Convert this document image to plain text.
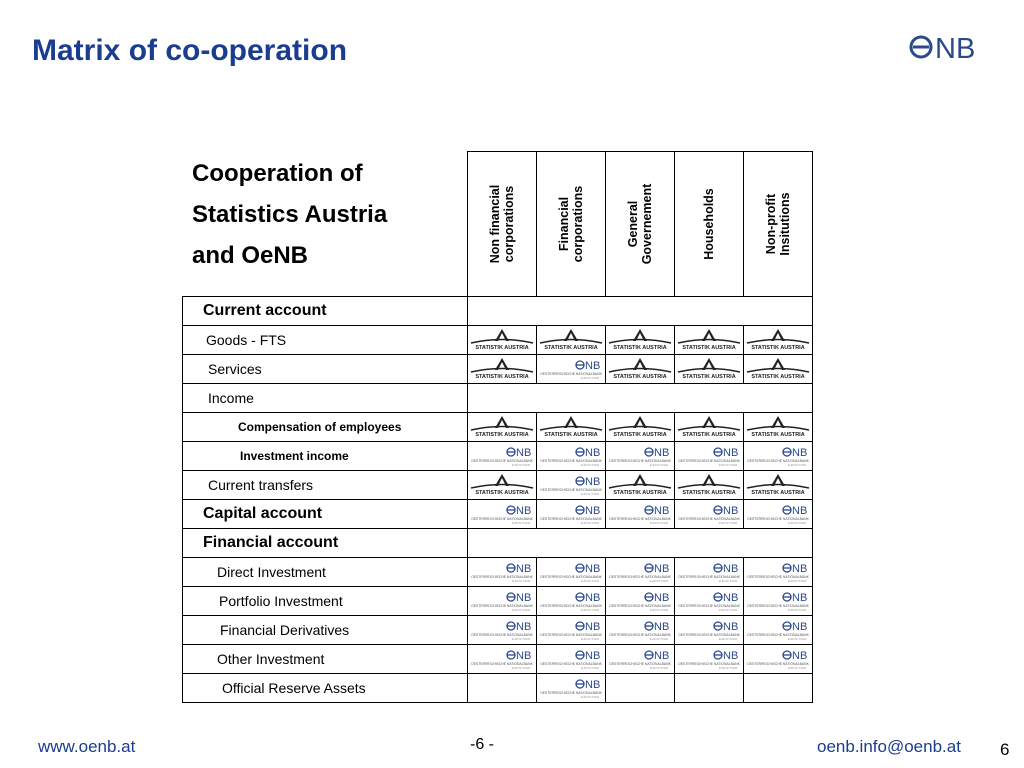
Matrix of co-operation	NB
Cooperation of
Statistics Austria
and OeNB

	Non financial
corporations	Financial
corporations	General
Governement	Households	Non-profit
Insitutions

Current account					

Goods - FTS	STATISTIK AUSTRIA	STATISTIK AUSTRIA	STATISTIK AUSTRIA	STATISTIK AUSTRIA	STATISTIK AUSTRIA

Services	STATISTIK AUSTRIA	NB
OESTERREICHISCHE NATIONALBANK
EUROSYSTEM	STATISTIK AUSTRIA	STATISTIK AUSTRIA	STATISTIK AUSTRIA

Income					

Compensation of employees	STATISTIK AUSTRIA	STATISTIK AUSTRIA	STATISTIK AUSTRIA	STATISTIK AUSTRIA	STATISTIK AUSTRIA

Investment income	NB
OESTERREICHISCHE NATIONALBANK
EUROSYSTEM	NB
OESTERREICHISCHE NATIONALBANK
EUROSYSTEM	NB
OESTERREICHISCHE NATIONALBANK
EUROSYSTEM	NB
OESTERREICHISCHE NATIONALBANK
EUROSYSTEM	NB
OESTERREICHISCHE NATIONALBANK
EUROSYSTEM

Current transfers	STATISTIK AUSTRIA	NB
OESTERREICHISCHE NATIONALBANK
EUROSYSTEM	STATISTIK AUSTRIA	STATISTIK AUSTRIA	STATISTIK AUSTRIA

Capital account	NB
OESTERREICHISCHE NATIONALBANK
EUROSYSTEM	NB
OESTERREICHISCHE NATIONALBANK
EUROSYSTEM	NB
OESTERREICHISCHE NATIONALBANK
EUROSYSTEM	NB
OESTERREICHISCHE NATIONALBANK
EUROSYSTEM	NB
OESTERREICHISCHE NATIONALBANK
EUROSYSTEM

Financial account					

Direct Investment	NB
OESTERREICHISCHE NATIONALBANK
EUROSYSTEM	NB
OESTERREICHISCHE NATIONALBANK
EUROSYSTEM	NB
OESTERREICHISCHE NATIONALBANK
EUROSYSTEM	NB
OESTERREICHISCHE NATIONALBANK
EUROSYSTEM	NB
OESTERREICHISCHE NATIONALBANK
EUROSYSTEM

Portfolio Investment	NB
OESTERREICHISCHE NATIONALBANK
EUROSYSTEM	NB
OESTERREICHISCHE NATIONALBANK
EUROSYSTEM	NB
OESTERREICHISCHE NATIONALBANK
EUROSYSTEM	NB
OESTERREICHISCHE NATIONALBANK
EUROSYSTEM	NB
OESTERREICHISCHE NATIONALBANK
EUROSYSTEM

Financial Derivatives	NB
OESTERREICHISCHE NATIONALBANK
EUROSYSTEM	NB
OESTERREICHISCHE NATIONALBANK
EUROSYSTEM	NB
OESTERREICHISCHE NATIONALBANK
EUROSYSTEM	NB
OESTERREICHISCHE NATIONALBANK
EUROSYSTEM	NB
OESTERREICHISCHE NATIONALBANK
EUROSYSTEM

Other Investment	NB
OESTERREICHISCHE NATIONALBANK
EUROSYSTEM	NB
OESTERREICHISCHE NATIONALBANK
EUROSYSTEM	NB
OESTERREICHISCHE NATIONALBANK
EUROSYSTEM	NB
OESTERREICHISCHE NATIONALBANK
EUROSYSTEM	NB
OESTERREICHISCHE NATIONALBANK
EUROSYSTEM

Official Reserve Assets		NB
OESTERREICHISCHE NATIONALBANK
EUROSYSTEM			

www.oenb.at	-6 -	oenb.info@oenb.at 6
